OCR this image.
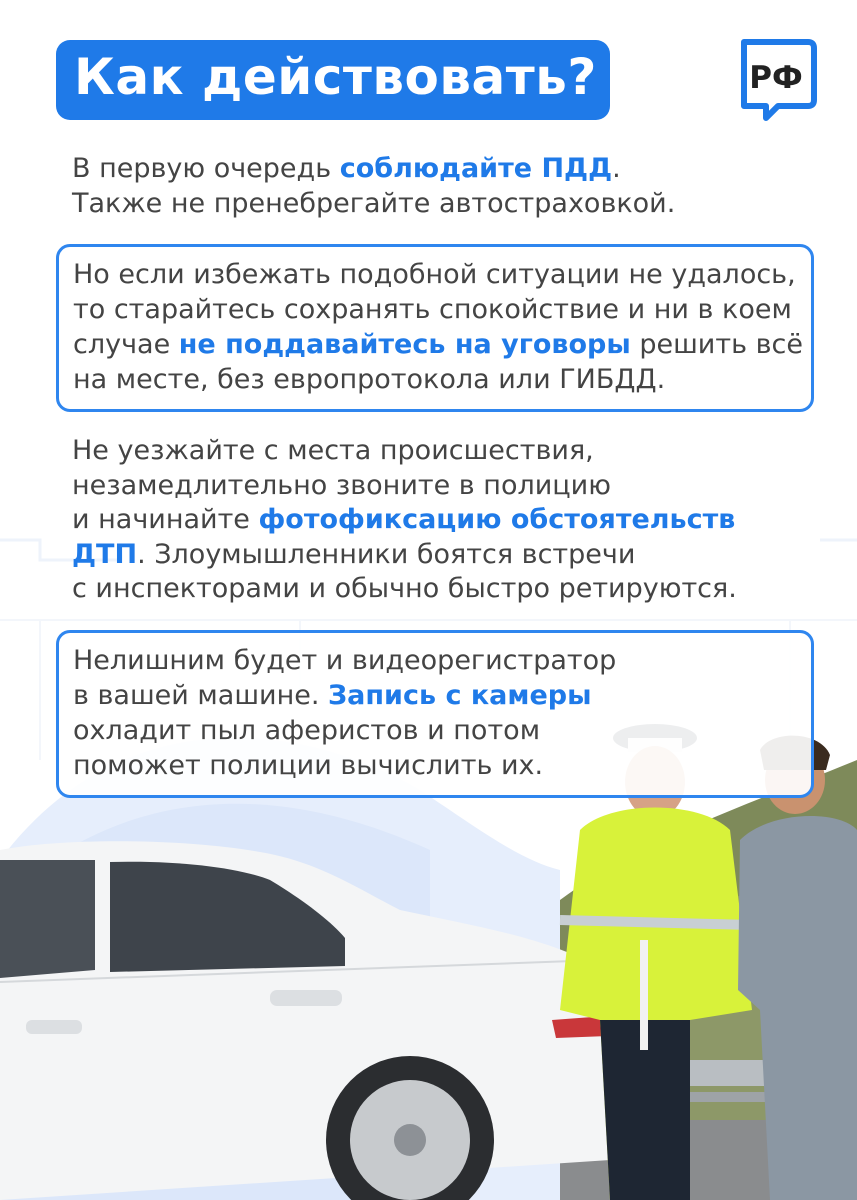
Как действовать?	РФ

В первую очередь соблюдайте ПДД.

Также не пренебрегайте автостраховкой.

Но если избежать подобной ситуации не удалось,

то старайтесь сохранять спокойствие и ни в коем

случае не поддавайтесь на уговоры решить всё

на месте, без европротокола или ГИБДД.

Не уезжайте с места происшествия,

незамедлительно звоните в полицию

и начинайте фотофиксацию обстоятельств

ДТП. Злоумышленники боятся встречи

с инспекторами и обычно быстро ретируются.

Нелишним будет и видеорегистратор

в вашей машине. Запись с камеры

охладит пыл аферистов и потом

поможет полиции вычислить их.
